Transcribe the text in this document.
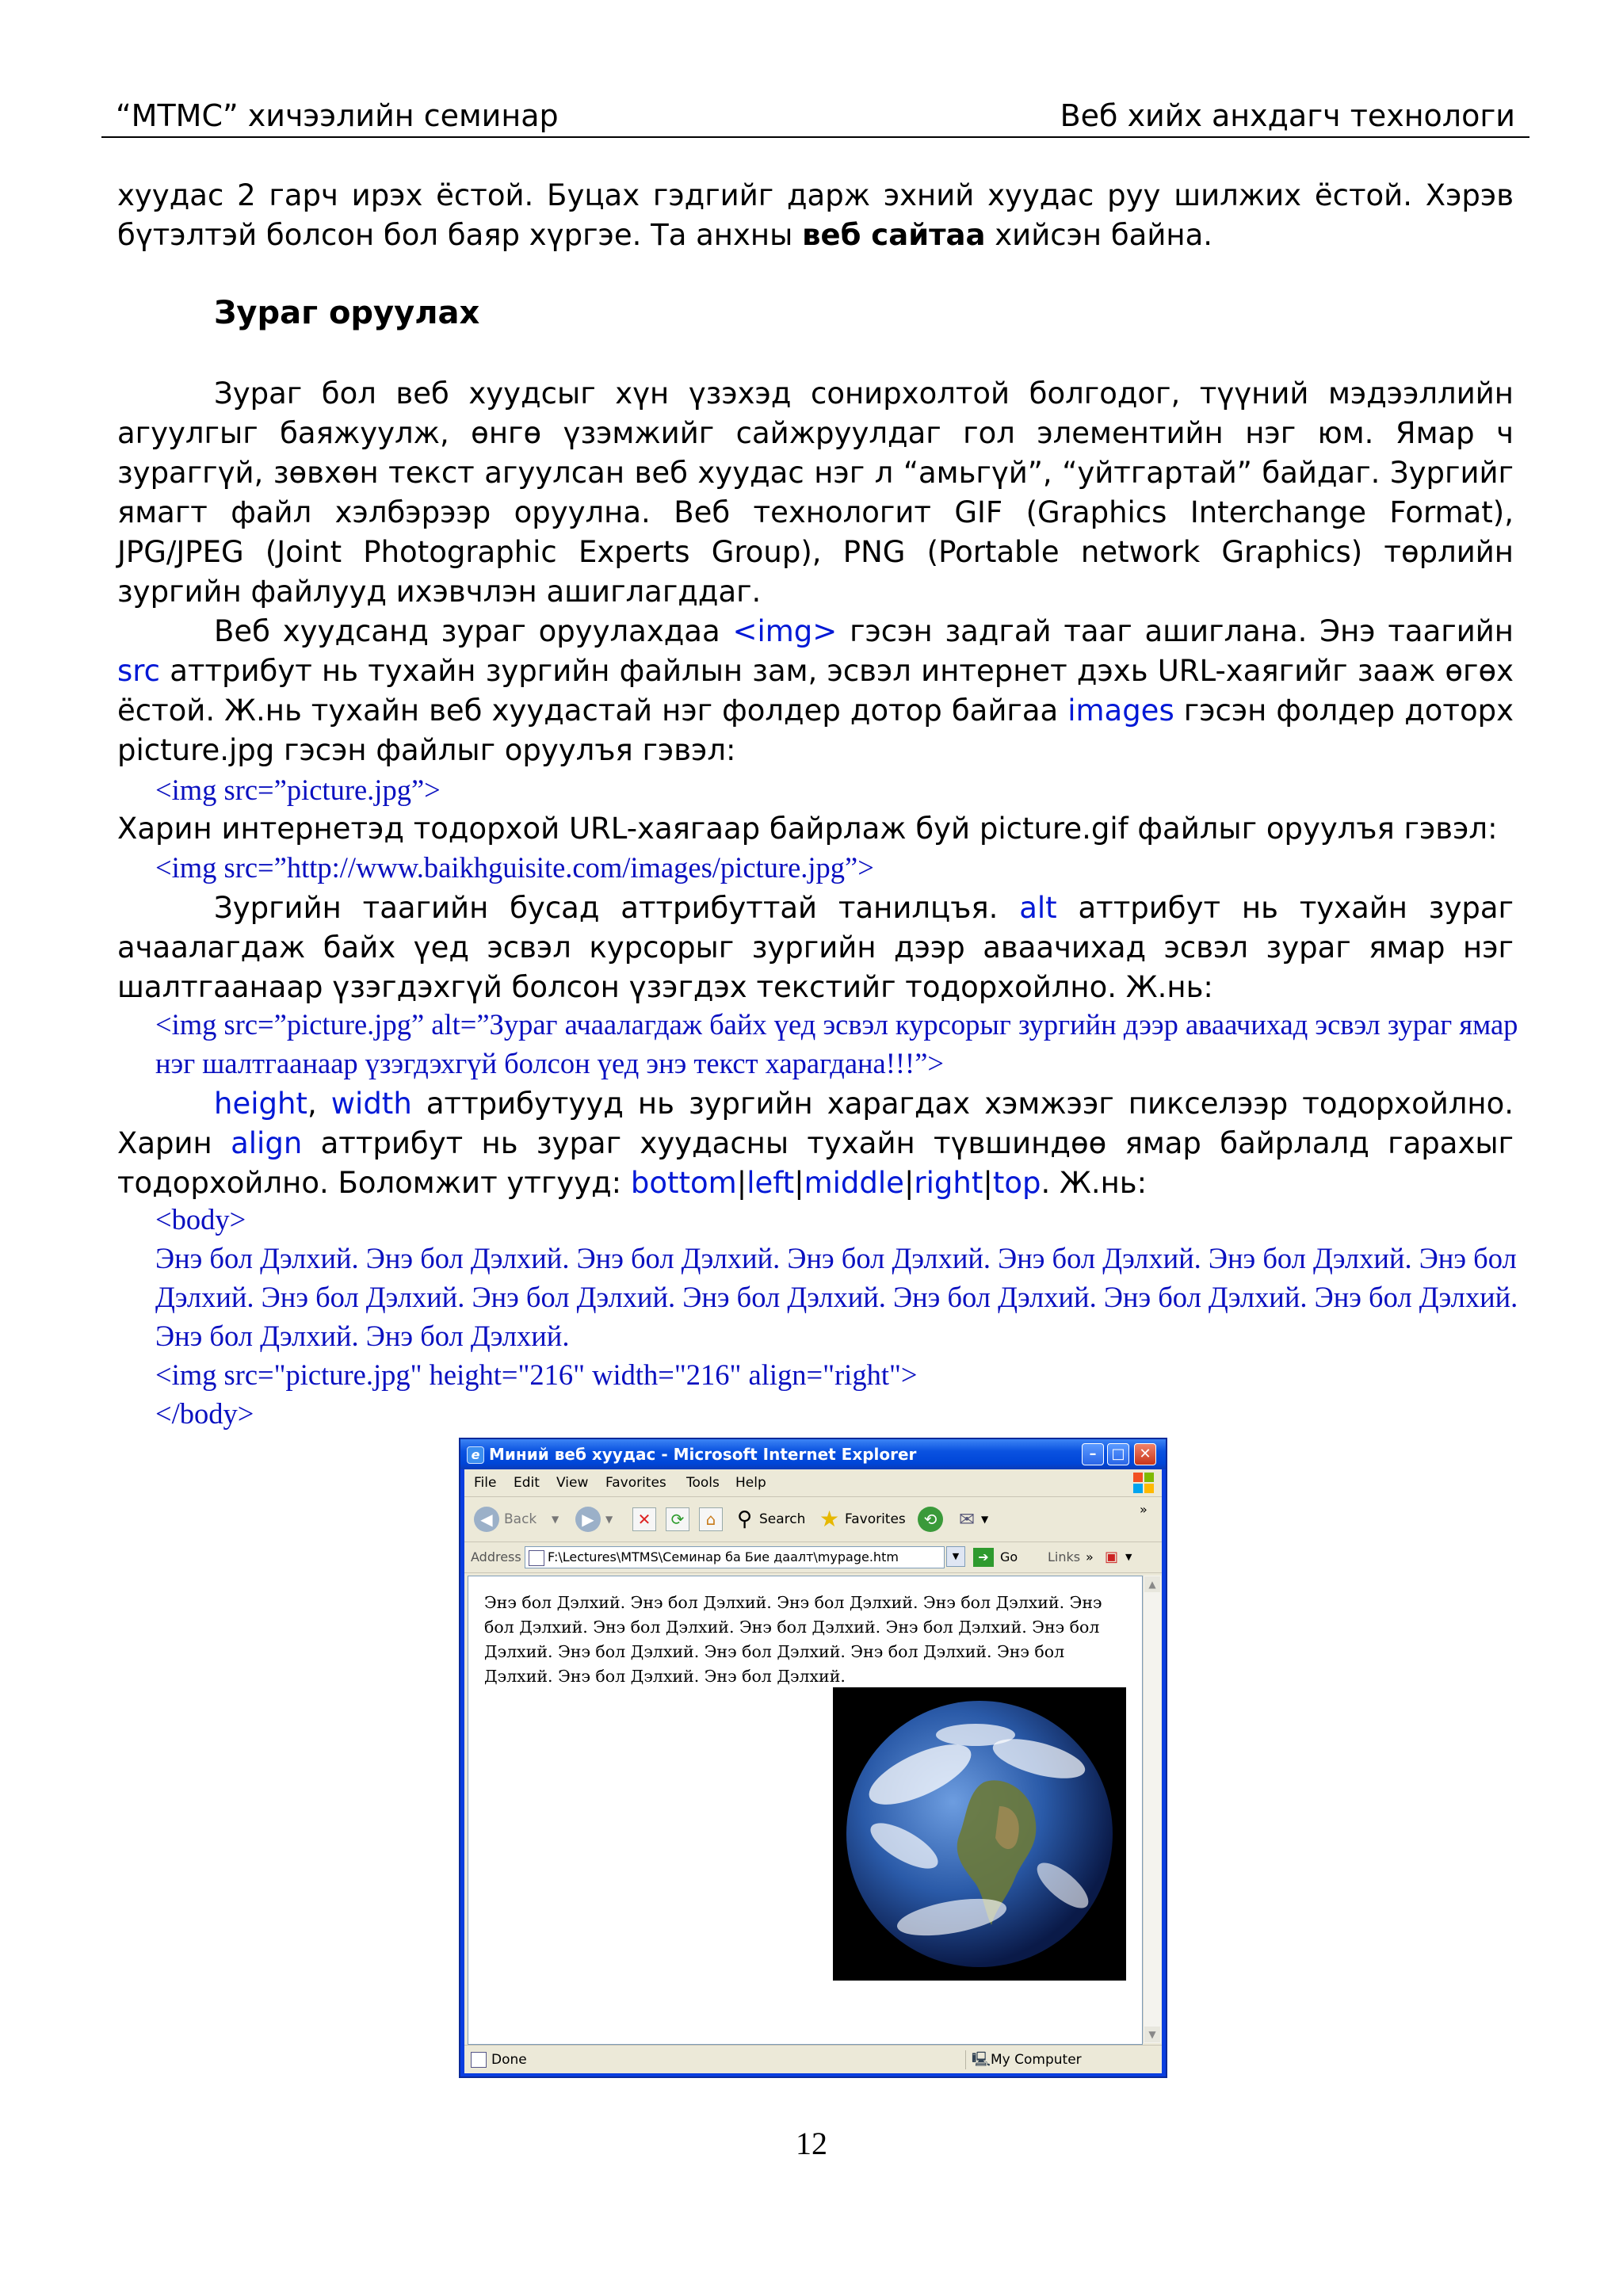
“МТМС” хичээлийн семинар	Веб хийх анхдагч технологи
хуудас 2 гарч ирэх ёстой. Буцах гэдгийг дарж эхний хуудас руу шилжих ёстой. Хэрэв бүтэлтэй болсон бол баяр хүргэе. Та анхны веб сайтаа хийсэн байна.
Зураг оруулах
Зураг бол веб хуудсыг хүн үзэхэд сонирхолтой болгодог, түүний мэдээллийн агуулгыг баяжуулж, өнгө үзэмжийг сайжруулдаг гол элементийн нэг юм. Ямар ч зураггүй, зөвхөн текст агуулсан веб хуудас нэг л “амьгүй”, “уйтгартай” байдаг. Зургийг ямагт файл хэлбэрээр оруулна. Веб технологит GIF (Graphics Interchange Format), JPG/JPEG (Joint Photographic Experts Group), PNG (Portable network Graphics) төрлийн зургийн файлууд ихэвчлэн ашиглагддаг.
Веб хуудсанд зураг оруулахдаа <img> гэсэн задгай тааг ашиглана. Энэ таагийн src аттрибут нь тухайн зургийн файлын зам, эсвэл интернет дэхь URL-хаягийг зааж өгөх ёстой. Ж.нь тухайн веб хуудастай нэг фолдер дотор байгаа images гэсэн фолдер доторх picture.jpg гэсэн файлыг оруулъя гэвэл:
<img src=”picture.jpg”>
Харин интернетэд тодорхой URL-хаягаар байрлаж буй picture.gif файлыг оруулъя гэвэл:
<img src=”http://www.baikhguisite.com/images/picture.jpg”>
Зургийн таагийн бусад аттрибуттай танилцъя. alt аттрибут нь тухайн зураг ачаалагдаж байх үед эсвэл курсорыг зургийн дээр аваачихад эсвэл зураг ямар нэг шалтгаанаар үзэгдэхгүй болсон үзэгдэх текстийг тодорхойлно. Ж.нь:
<img src=”picture.jpg” alt=”Зураг ачаалагдаж байх үед эсвэл курсорыг зургийн дээр аваачихад эсвэл зураг ямар нэг шалтгаанаар үзэгдэхгүй болсон үед энэ текст харагдана!!!”>
height, width аттрибутууд нь зургийн харагдах хэмжээг пикселээр тодорхойлно. Харин align аттрибут нь зураг хуудасны тухайн түвшиндөө ямар байрлалд гарахыг тодорхойлно. Боломжит утгууд: bottom|left|middle|right|top. Ж.нь:
<body>
Энэ бол Дэлхий. Энэ бол Дэлхий. Энэ бол Дэлхий. Энэ бол Дэлхий. Энэ бол Дэлхий. Энэ бол Дэлхий. Энэ бол Дэлхий. Энэ бол Дэлхий. Энэ бол Дэлхий. Энэ бол Дэлхий. Энэ бол Дэлхий. Энэ бол Дэлхий. Энэ бол Дэлхий. Энэ бол Дэлхий. Энэ бол Дэлхий.
<img src="picture.jpg" height="216" width="216" align="right">
</body>
e Миний веб хуудас - Microsoft Internet Explorer	–	□ ✕
File Edit View Favorites Tools Help
◀ Back ▼	▶	▼	✕	⟳	⌂	⚲ Search ★ Favorites	⟲	✉ ▼
»
Address	F:\Lectures\MTMS\Семинар ба Бие даалт\mypage.htm	▼	➔ Go Links » ▣ ▼
Энэ бол Дэлхий. Энэ бол Дэлхий. Энэ бол Дэлхий. Энэ бол Дэлхий. Энэ бол Дэлхий. Энэ бол Дэлхий. Энэ бол Дэлхий. Энэ бол Дэлхий. Энэ бол Дэлхий. Энэ бол Дэлхий. Энэ бол Дэлхий. Энэ бол Дэлхий. Энэ бол Дэлхий. Энэ бол Дэлхий. Энэ бол Дэлхий.
▲
▼
Done	🖳 My Computer
12
